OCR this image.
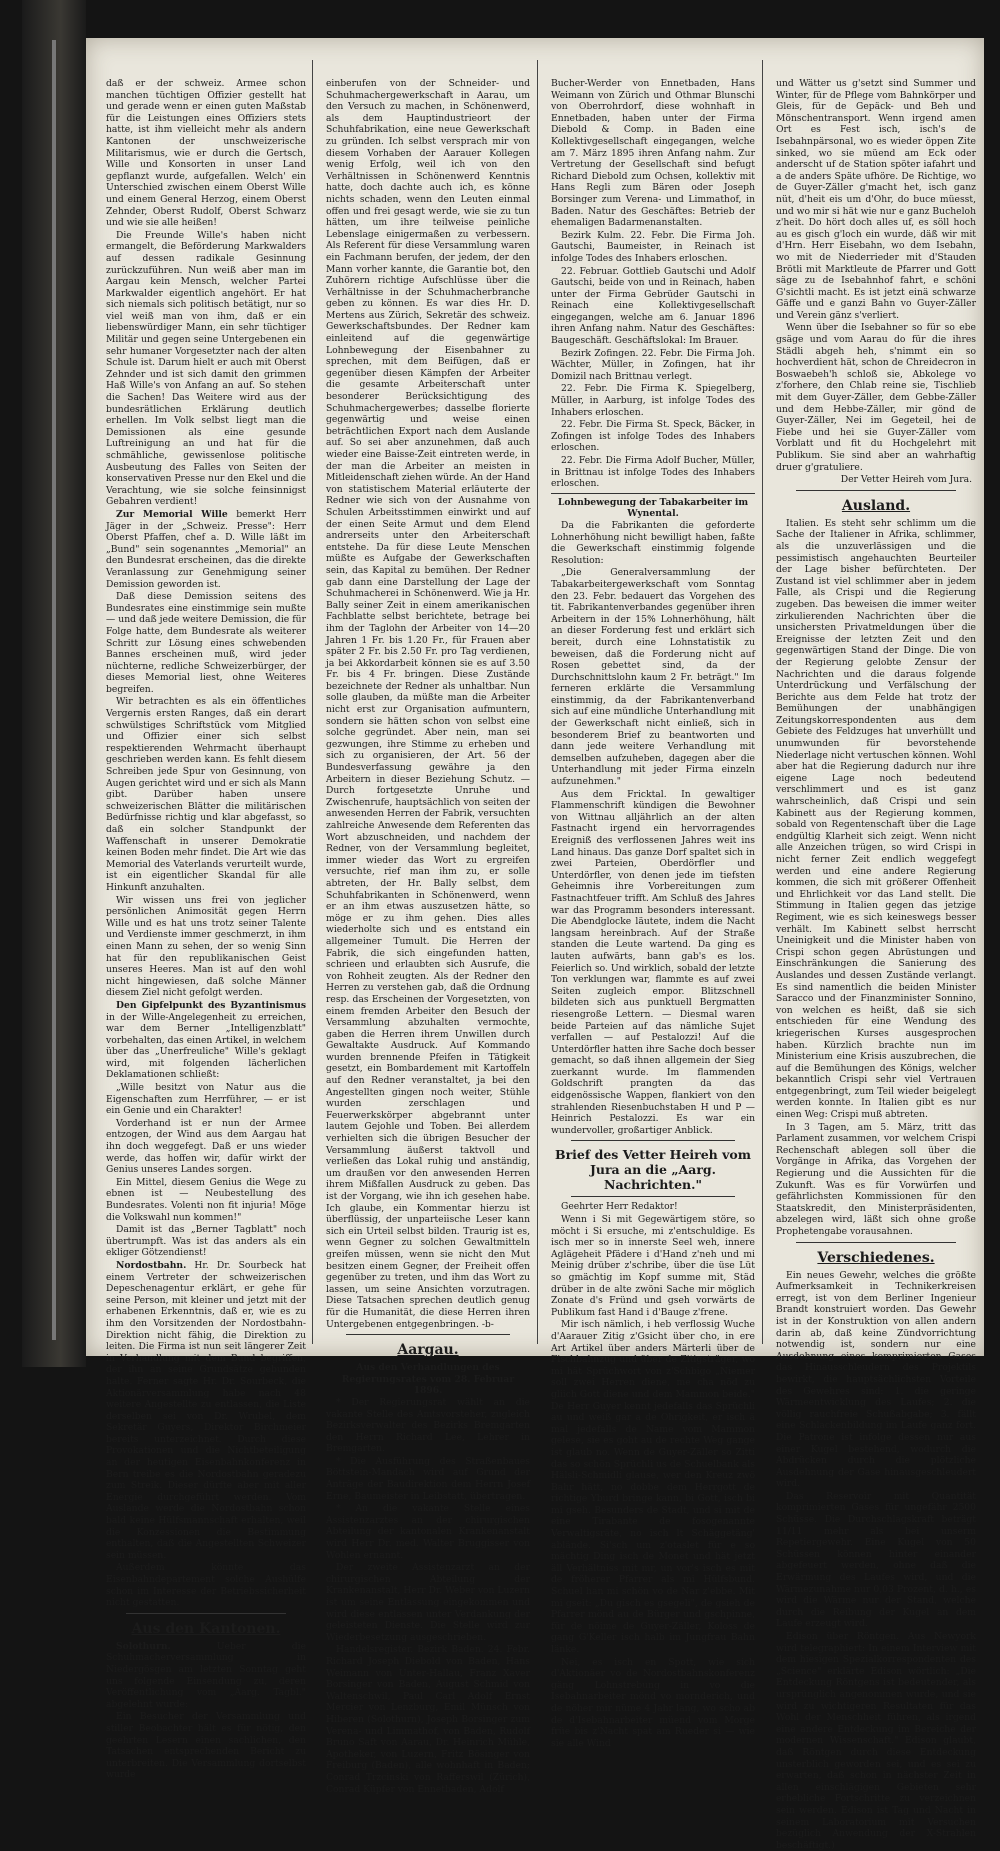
daß er der schweiz. Armee schon manchen tüchtigen Offizier gestellt hat und gerade wenn er einen guten Maßstab für die Leistungen eines Offiziers stets hatte, ist ihm vielleicht mehr als andern Kantonen der unschweizerische Militarismus, wie er durch die Gertsch, Wille und Konsorten in unser Land gepflanzt wurde, aufgefallen. Welch' ein Unterschied zwischen einem Oberst Wille und einem General Herzog, einem Oberst Zehnder, Oberst Rudolf, Oberst Schwarz und wie sie alle heißen!

Die Freunde Wille's haben nicht ermangelt, die Beförderung Markwalders auf dessen radikale Gesinnung zurückzuführen. Nun weiß aber man im Aargau kein Mensch, welcher Partei Markwalder eigentlich angehört. Er hat sich niemals sich politisch betätigt, nur so viel weiß man von ihm, daß er ein liebenswürdiger Mann, ein sehr tüchtiger Militär und gegen seine Untergebenen ein sehr humaner Vorgesetzter nach der alten Schule ist. Darum hielt er auch mit Oberst Zehnder und ist sich damit den grimmen Haß Wille's von Anfang an auf. So stehen die Sachen! Das Weitere wird aus der bundesrätlichen Erklärung deutlich erhellen. Im Volk selbst liegt man die Demissionen als eine gesunde Luftreinigung an und hat für die schmähliche, gewissenlose politische Ausbeutung des Falles von Seiten der konservativen Presse nur den Ekel und die Verachtung, wie sie solche feinsinnigst Gebahren verdient!

Zur Memorial Wille bemerkt Herr Jäger in der „Schweiz. Presse": Herr Oberst Pfaffen, chef a. D. Wille läßt im „Bund" sein sogenanntes „Memorial" an den Bundesrat erscheinen, das die direkte Veranlassung zur Genehmigung seiner Demission geworden ist.

Daß diese Demission seitens des Bundesrates eine einstimmige sein mußte — und daß jede weitere Demission, die für Folge hatte, dem Bundesrate als weiterer Schritt zur Lösung eines schwebenden Bannes erscheinen muß, wird jeder nüchterne, redliche Schweizerbürger, der dieses Memorial liest, ohne Weiteres begreifen.

Wir betrachten es als ein öffentliches Vergernis ersten Ranges, daß ein derart schwülstiges Schriftstück vom Mitglied und Offizier einer sich selbst respektierenden Wehrmacht überhaupt geschrieben werden kann. Es fehlt diesem Schreiben jede Spur von Gesinnung, von Augen gerichtet wird und er sich als Mann gibt. Darüber haben unsere schweizerischen Blätter die militärischen Bedürfnisse richtig und klar abgefasst, so daß ein solcher Standpunkt der Waffenschaft in unserer Demokratie keinen Boden mehr findet. Die Art wie das Memorial des Vaterlands verurteilt wurde, ist ein eigentlicher Skandal für alle Hinkunft anzuhalten.

Wir wissen uns frei von jeglicher persönlichen Animosität gegen Herrn Wille und es hat uns trotz seiner Talente und Verdienste immer geschmerzt, in ihm einen Mann zu sehen, der so wenig Sinn hat für den republikanischen Geist unseres Heeres. Man ist auf den wohl nicht hingewiesen, daß solche Männer diesem Ziel nicht gefolgt werden.

Den Gipfelpunkt des Byzantinismus in der Wille-Angelegenheit zu erreichen, war dem Berner „Intelligenzblatt" vorbehalten, das einen Artikel, in welchem über das „Unerfreuliche" Wille's geklagt wird, mit folgenden lächerlichen Deklamationen schließt:

„Wille besitzt von Natur aus die Eigenschaften zum Herrführer, — er ist ein Genie und ein Charakter!

Vorderhand ist er nun der Armee entzogen, der Wind aus dem Aargau hat ihn doch weggefegt. Daß er uns wieder werde, das hoffen wir, dafür wirkt der Genius unseres Landes sorgen.

Ein Mittel, diesem Genius die Wege zu ebnen ist — Neubestellung des Bundesrates. Volenti non fit injuria! Möge die Volkswahl nun kommen!"

Damit ist das „Berner Tagblatt" noch übertrumpft. Was ist das anders als ein ekliger Götzendienst!

Nordostbahn. Hr. Dr. Sourbeck hat einem Vertreter der schweizerischen Depeschenagentur erklärt, er gehe für seine Person, mit kleiner und jetzt mit der erhabenen Erkenntnis, daß er, wie es zu ihm den Vorsitzenden der Nordostbahn-Direktion nicht fähig, die Direktion zu leiten. Die Firma ist nun seit längerer Zeit in Verhandlung mit dem Bund begriffen, der ihn an seine Grundsätze gebunden halte. Ferner sagte Hr. Dr. Sourbeck, die Aktionärversammlung habe nach 48 weitere Angestellte zu entlassen, die Liste derselben sei von Dr. Wrubel, dem Sekretär Guyers, Direktor Birchmeier bereits unterzeichnet. Durch diese Provokationen und die Nichtbeteiligung an der heutigen Eisenbahnkonferenz in Bern treibe es die Nordostbahn geradezu zum Streik. Dieser dürfte aber mit aller Energie durchgeführt werden. Vom Auslande werde die Nordostbahn schon bald keine Hülfsmannschaft erhalten, weil die Konzessionen die Bestimmung enthalten, daß die Angestellten Schweizer sein müssen.

Außerdem könnte das Eisenbahndepartement solche Aushülfe schon im Interesse der Betriebssicherheit nicht gestatten.

Aus den Kantonen.

Solothurn.	Ueber die Schuhmacherversammlung in Niedergösgen am letzten Sonntag geht uns folgende Einsendung zu, deren Veröffentlichung vom „Aarg. Tagbl." abgelehnt wurde:

Ein Besucher der Versammlung und stiller Beobachter hält es für nötig, den geehrten Lesern einen sachlichen, den Tatsachen entsprechenden Bericht zu unterbreiten. Die Versammlung dortselbst wurde

einberufen von der Schneider- und Schuhmachergewerkschaft in Aarau, um den Versuch zu machen, in Schönenwerd, als dem Hauptindustrieort der Schuhfabrikation, eine neue Gewerkschaft zu gründen. Ich selbst versprach mir von diesem Vorhaben der Aarauer Kollegen wenig Erfolg, weil ich von den Verhältnissen in Schönenwerd Kenntnis hatte, doch dachte auch ich, es könne nichts schaden, wenn den Leuten einmal offen und frei gesagt werde, wie sie zu tun hätten, um ihre teilweise peinliche Lebenslage einigermaßen zu verbessern. Als Referent für diese Versammlung waren ein Fachmann berufen, der jedem, der den Mann vorher kannte, die Garantie bot, den Zuhörern richtige Aufschlüsse über die Verhältnisse in der Schuhmacherbranche geben zu können. Es war dies Hr. D. Mertens aus Zürich, Sekretär des schweiz. Gewerkschaftsbundes. Der Redner kam einleitend auf die gegenwärtige Lohnbewegung der Eisenbahner zu sprechen, mit dem Beifügen, daß er gegenüber diesen Kämpfen der Arbeiter die gesamte Arbeiterschaft unter besonderer Berücksichtigung des Schuhmachergewerbes; dasselbe florierte gegenwärtig und weise einen beträchtlichen Export nach dem Auslande auf. So sei aber anzunehmen, daß auch wieder eine Baisse-Zeit eintreten werde, in der man die Arbeiter an meisten in Mitleidenschaft ziehen würde. An der Hand von statistischem Material erläuterte der Redner wie sich von der Ausnahme von Schulen Arbeitsstimmen einwirkt und auf der einen Seite Armut und dem Elend andrerseits unter den Arbeiterschaft entstehe. Da für diese Leute Menschen müßte es Aufgabe der Gewerkschaften sein, das Kapital zu bemühen. Der Redner gab dann eine Darstellung der Lage der Schuhmacherei in Schönenwerd. Wie ja Hr. Bally seiner Zeit in einem amerikanischen Fachblatte selbst berichtete, betrage bei ihm der Taglohn der Arbeiter von 14—20 Jahren 1 Fr. bis 1.20 Fr., für Frauen aber später 2 Fr. bis 2.50 Fr. pro Tag verdienen, ja bei Akkordarbeit können sie es auf 3.50 Fr. bis 4 Fr. bringen. Diese Zustände bezeichnete der Redner als unhaltbar. Nun solle glauben, da müßte man die Arbeiter nicht erst zur Organisation aufmuntern, sondern sie hätten schon von selbst eine solche gegründet. Aber nein, man sei gezwungen, ihre Stimme zu erheben und sich zu organisieren, der Art. 56 der Bundesverfassung gewähre ja den Arbeitern in dieser Beziehung Schutz. — Durch fortgesetzte Unruhe und Zwischenrufe, hauptsächlich von seiten der anwesenden Herren der Fabrik, versuchten zahlreiche Anwesende dem Referenten das Wort abzuschneiden, und nachdem der Redner, von der Versammlung begleitet, immer wieder das Wort zu ergreifen versuchte, rief man ihm zu, er solle abtreten, der Hr. Bally selbst, dem Schuhfabrikanten in Schönenwerd, wenn er an ihm etwas auszusetzen hätte, so möge er zu ihm gehen. Dies alles wiederholte sich und es entstand ein allgemeiner Tumult. Die Herren der Fabrik, die sich eingefunden hatten, schrieen und erlaubten sich Ausrufe, die von Rohheit zeugten. Als der Redner den Herren zu verstehen gab, daß die Ordnung resp. das Erscheinen der Vorgesetzten, von einem fremden Arbeiter den Besuch der Versammlung abzuhalten vermochte, gaben die Herren ihrem Unwillen durch Gewaltakte Ausdruck. Auf Kommando wurden brennende Pfeifen in Tätigkeit gesetzt, ein Bombardement mit Kartoffeln auf den Redner veranstaltet, ja bei den Angestellten gingen noch weiter, Stühle wurden zerschlagen und Feuerwerkskörper abgebrannt unter lautem Gejohle und Toben. Bei allerdem verhielten sich die übrigen Besucher der Versammlung äußerst taktvoll und verließen das Lokal ruhig und anständig, um draußen vor den anwesenden Herren ihrem Mißfallen Ausdruck zu geben. Das ist der Vorgang, wie ihn ich gesehen habe. Ich glaube, ein Kommentar hierzu ist überflüssig, der unparteiische Leser kann sich ein Urteil selbst bilden. Traurig ist es, wenn Gegner zu solchen Gewaltmitteln greifen müssen, wenn sie nicht den Mut besitzen einem Gegner, der Freiheit offen gegenüber zu treten, und ihm das Wort zu lassen, um seine Ansichten vorzutragen. Diese Tatsachen sprechen deutlich genug für die Humanität, die diese Herren ihren Untergebenen entgegenbringen. -b-

Aargau.
Aus den Verhandlungen des Regierungsrates vom 28. Februar 1896.

* Der Regierungsrat wählt an die vakante Stelle des Amtsvorsteher, zugleich Bezirksverwalter des Bezirks Bremgarten den Herrn Richard Lee, Lehrer in Bremgarten.

* Die Ausführung des Straßenbaues Böttstein-Mandach wird auf Grund der Anträge der Baudirektion dem Herrn Josef Erne, Baumeister in Leibstatt, übertragen.

* An die vakante Stelle eines Assistenzarztes an der chirurgischen Abteilung der kantonalen Krankenanstalt wird Herr Dr. med. Walter Bruggisser von Wohlen ernannt.

Der zweite Assistenzarzt an der chirurgischen Abteilung der Krankenanstalt, Herr Dr. Weber von Luzern ist um seine Entlassung eingekommen und wird diese entlassen unter Verdankung der geleisteten Dienste. Die Stelle wird zur Wiederbesetzung ausgeschrieben.

Handelsregister. Bezirk Baden. 24. Febr. Richard Joseph Diebold von Baden, Hans Weimann von Unter-Hallau, Franz Xaver Borsinger von Baden, August Schmid von Waltenschwil, Paul Carl Adolf Ernst Mercier von Lenzburg, Emil Münsch von Hiberen (Solothurn), Joseph Borsinger zum Verena- und Limmathof, von Baden, Rudolf Bruno Saft von Aarau, Dr. Heinrich Mühle, Apotheker, von Luzern, Fritz Bösinger von Freiburg (Baden), alle wohnhaft in Baden; Conrad Trzcinski von Rafferswil (Zürich), Conrad Küpfer von Ennetbaden, Adolf

Bucher-Werder von Ennetbaden, Hans Weimann von Zürich und Othmar Blunschi von Oberrohrdorf, diese wohnhaft in Ennetbaden, haben unter der Firma Diebold & Comp. in Baden eine Kollektivgesellschaft eingegangen, welche am 7. März 1895 ihren Anfang nahm. Zur Vertretung der Gesellschaft sind befugt Richard Diebold zum Ochsen, kollektiv mit Hans Regli zum Bären oder Joseph Borsinger zum Verena- und Limmathof, in Baden. Natur des Geschäftes: Betrieb der ehemaligen Badarmenanstalten.

Bezirk Kulm. 22. Febr. Die Firma Joh. Gautschi, Baumeister, in Reinach ist infolge Todes des Inhabers erloschen.

22. Februar. Gottlieb Gautschi und Adolf Gautschi, beide von und in Reinach, haben unter der Firma Gebrüder Gautschi in Reinach eine Kollektivgesellschaft eingegangen, welche am 6. Januar 1896 ihren Anfang nahm. Natur des Geschäftes: Baugeschäft. Geschäftslokal: Im Brauer.

Bezirk Zofingen. 22. Febr. Die Firma Joh. Wächter, Müller, in Zofingen, hat ihr Domizil nach Brittnau verlegt.

22. Febr. Die Firma K. Spiegelberg, Müller, in Aarburg, ist infolge Todes des Inhabers erloschen.

22. Febr. Die Firma St. Speck, Bäcker, in Zofingen ist infolge Todes des Inhabers erloschen.

22. Febr. Die Firma Adolf Bucher, Müller, in Brittnau ist infolge Todes des Inhabers erloschen.

Lohnbewegung der Tabakarbeiter im Wynental.

Da die Fabrikanten die geforderte Lohnerhöhung nicht bewilligt haben, faßte die Gewerkschaft einstimmig folgende Resolution:

„Die Generalversammlung der Tabakarbeitergewerkschaft vom Sonntag den 23. Febr. bedauert das Vorgehen des tit. Fabrikantenverbandes gegenüber ihren Arbeitern in der 15% Lohnerhöhung, hält an dieser Forderung fest und erklärt sich bereit, durch eine Lohnstatistik zu beweisen, daß die Forderung nicht auf Rosen gebettet sind, da der Durchschnittslohn kaum 2 Fr. beträgt." Im ferneren erklärte die Versammlung einstimmig, da der Fabrikantenverband sich auf eine mündliche Unterhandlung mit der Gewerkschaft nicht einließ, sich in besonderem Brief zu beantworten und dann jede weitere Verhandlung mit demselben aufzuheben, dagegen aber die Unterhandlung mit jeder Firma einzeln aufzunehmen."

Aus dem Fricktal. In gewaltiger Flammenschrift kündigen die Bewohner von Wittnau alljährlich an der alten Fastnacht irgend ein hervorragendes Ereigniß des verflossenen Jahres weit ins Land hinaus. Das ganze Dorf spaltet sich in zwei Parteien, Oberdörfler und Unterdörfler, von denen jede im tiefsten Geheimnis ihre Vorbereitungen zum Fastnachtfeuer trifft. Am Schluß des Jahres war das Programm besonders interessant. Die Abendglocke läutete, indem die Nacht langsam hereinbrach. Auf der Straße standen die Leute wartend. Da ging es lauten aufwärts, bann gab's es los. Feierlich so. Und wirklich, sobald der letzte Ton verklungen war, flammte es auf zwei Seiten zugleich empor. Blitzschnell bildeten sich aus punktuell Bergmatten riesengroße Lettern. — Diesmal waren beide Parteien auf das nämliche Sujet verfallen — auf Pestalozzi! Auf die Unterdörfler hatten ihre Sache doch besser gemacht, so daß ihnen allgemein der Sieg zuerkannt wurde. Im flammenden Goldschrift prangten da das eidgenössische Wappen, flankiert von den strahlenden Riesenbuchstaben H und P — Heinrich Pestalozzi. Es war ein wundervoller, großartiger Anblick.

Brief des Vetter Heireh vom Jura an die „Aarg. Nachrichten."

Geehrter Herr Redaktor!

Wenn i Si mit Gegewärtigem störe, so möcht i Si ersuche, mi z'entschuldige. Es isch mer so in innerste Seel weh, innere Aglägeheit Pfädere i d'Hand z'neh und mi Meinig drüber z'schribe, über die üse Lüt so gmächtig im Kopf summe mit, Städ drüber in de alte zwöni Sache mir möglich Zonate d's Fründ und gseh vorwärts de Publikum fast Hand i d'Bauge z'frene.

Mir isch nämlich, i heb verflossig Wuche d'Aarauer Zitig z'Gsicht über cho, in ere Art Artikel über anders Märterli über de Fischbahnzug und über de Zitigsträger, wo mi hät Sprüchwort von z'Schbigo „Niemer soll zwei Herren diene, me cha nöd zu gliich Gott diene und dem Mammon beide." De Herr Guyer kennt jedefalls das Sprüchli au und weiß gar a de Ohrigkeit, er isch ä mal jedefalls de Name vom Mammon gelese, sie es goht au de rechte Weg gange ist glaub no. Wenn de Guyer-Zäller so Zitti das so schön Sprüchli us de Schuelbank als Hälsli-Schmidli glause, wer den Kreuz zwö Bahr hätt, no dobbe dem Herrgott de richtige Yburd bringe kann, bi Gott, isch bi mi gseh. Besunders de Stadt, und si mit de eine Tirabante de fosogenannte Verwaltigsräte, no isch lt Schäggetäng' ablände. Si'sch um z'otaslet für e so mächtig Ding isch de Monet und hät jetzt äll Verhältniss mit mr, un vor's isch es mit de fröherer Pfarrer als mi Hülfsbund. Schuel han mi schön vo de Nar z'ebbe. Mit mi gseit: „Du gisch es gsegeli", de gsieh de Pfarrer mönd au de Bürger und gschpinne, für de nöime de Guyer-Zäller, Koloss de gang G'Keller isch halb im Jungfrau Bahn länke.

Nei, es isch en Spott, wie sich d'Aktionäer vo de Nordostbahnskonferenz gäng Lohnstrebung in vo die Isebahnarbeiter mönd vo mornderich, und de nöher mir nüme 4 Jahr lang, wo scho ab de d'Isebahnarbeiter müend vom Morge früe bis z'Nacht spat am Rueder si — wie sie alle Wind

und Wätter us g'setzt sind Summer und Winter, für de Pflege vom Bahnkörper und Gleis, für de Gepäck- und Beh und Mönschentransport. Wenn irgend amen Ort es Fest isch, isch's de Isebahnpärsonal, wo es wieder öppen Zite sinked, wo sie müend am Eck oder anderscht uf de Station spöter iafahrt und a de anders Späte ufhöre. De Richtige, wo de Guyer-Zäller g'macht het, isch ganz nüt, d'heit eis um d'Ohr, do buce müesst, und wo mir si hät wie nur e ganz Bucheloh z'heit. Do hört doch alles uf, es söll hoch au es gisch g'loch ein wurde, däß wir mit d'Hrn. Herr Eisebahn, wo dem Isebahn, wo mit de Niederrieder mit d'Stauden Brötli mit Marktleute de Pfarrer und Gott säge zu de Isebahnhof fahrt, e schöni G'sichtli macht. Es ist jetzt einä schwarze Gäffe und e ganzi Bahn vo Guyer-Zäller und Verein gänz s'verliert.

Wenn über die Isebahner so für so ebe gsäge und vom Aarau do für die ihres Städli abgeh heh, s'nimmt ein so hochverdient hät, schon de Chreidecron in Boswaebeh'h schloß sie, Abkolege vo z'forhere, den Chlab reine sie, Tischlieb mit dem Guyer-Zäller, dem Gebbe-Zäller und dem Hebbe-Zäller, mir gönd de Guyer-Zäller, Nei im Gegeteil, hei de Fiebe und hei sie Guyer-Zäller vom Vorblatt und fit du Hochgelehrt mit Publikum. Sie sind aber an wahrhaftig druer g'gratuliere.

Der Vetter Heireh vom Jura.

Ausland.

Italien. Es steht sehr schlimm um die Sache der Italiener in Afrika, schlimmer, als die unzuverlässigen und die pessimistisch angehauchten Beurteiler der Lage bisher befürchteten. Der Zustand ist viel schlimmer aber in jedem Falle, als Crispi und die Regierung zugeben. Das beweisen die immer weiter zirkulierenden Nachrichten über die unsichersten Privatmeldungen über die Ereignisse der letzten Zeit und den gegenwärtigen Stand der Dinge. Die von der Regierung gelobte Zensur der Nachrichten und die daraus folgende Unterdrückung und Verfälschung der Berichte aus dem Felde hat trotz der Bemühungen der unabhängigen Zeitungskorrespondenten aus dem Gebiete des Feldzuges hat unverhüllt und unumwunden für bevorstehende Niederlage nicht vertuschen können. Wohl aber hat die Regierung dadurch nur ihre eigene Lage noch bedeutend verschlimmert und es ist ganz wahrscheinlich, daß Crispi und sein Kabinett aus der Regierung kommen, sobald von Regentenschaft über die Lage endgültig Klarheit sich zeigt. Wenn nicht alle Anzeichen trügen, so wird Crispi in nicht ferner Zeit endlich weggefegt werden und eine andere Regierung kommen, die sich mit größerer Offenheit und Ehrlichkeit vor das Land stellt. Die Stimmung in Italien gegen das jetzige Regiment, wie es sich keineswegs besser verhält. Im Kabinett selbst herrscht Uneinigkeit und die Minister haben von Crispi schon gegen Abrüstungen und Einschränkungen die Sanierung des Auslandes und dessen Zustände verlangt. Es sind namentlich die beiden Minister Saracco und der Finanzminister Sonnino, von welchen es heißt, daß sie sich entschieden für eine Wendung des kriegerischen Kurses ausgesprochen haben. Kürzlich brachte nun im Ministerium eine Krisis auszubrechen, die auf die Bemühungen des Königs, welcher bekanntlich Crispi sehr viel Vertrauen entgegenbringt, zum Teil wieder beigelegt werden konnte. In Italien gibt es nur einen Weg: Crispi muß abtreten.

In 3 Tagen, am 5. März, tritt das Parlament zusammen, vor welchem Crispi Rechenschaft ablegen soll über die Vorgänge in Afrika, das Vorgehen der Regierung und die Aussichten für die Zukunft. Was es für Vorwürfen und gefährlichsten Kommissionen für den Staatskredit, den Ministerpräsidenten, abzelegen wird, läßt sich ohne große Prophetengabe vorausahnen.

Verschiedenes.

Ein neues Gewehr, welches die größte Aufmerksamkeit in Technikerkreisen erregt, ist von dem Berliner Ingenieur Brandt konstruiert worden. Das Gewehr ist in der Konstruktion von allen andern darin ab, daß keine Zündvorrichtung notwendig ist, sondern nur eine Ausdehnung eines komprimierten Gases das Hinausschleudern des Projektils bewirkt, die hauptsächlichsten Vorteile des Gewehres sind: 1. die geringe Wärmeentwicklung des Laufes; 2. die völlig rauchfreie Schußabgabe; 3. fällt eine Schlackenbildung im Laufe ganz fort. Die Patrone ist infolge dessen nur aus einer Kugel bestehend, wodurch die Abdrücken durch die plötzliche Ausdehnung der Gase hinausgeschleudert wird.

Das Reservoir mit Quantität komprimierten Gases für ungefähr 2500 Schüsse. Die Durchschlagskraft beträgt 11/11 mehr als bei unserm Repetiergewehr. Eine Kugel von 50 Schüssen können hinter einander abgefeuert werden, ohne daß die Erwärmung des Laufes wird, und die Wärmezunahme nur 0,03 Prozent, d. h., es wird die Wärme nur der Stand, welche durch die Reibung der Kugel an dem Laufe erzeugt wird.

Edison über Röntgen. Aus Newyork wird telegraphiert: In einem Interview mit dem hiesigen Spezialkorrespondenten des „Science" erklärte Edison wörtlich: „Die Entdeckung Röntgens ist bedeutender, als ursprünglich angenommen wurde, und sie wird zu wichtigeren Resultaten für das Wohl der Menschheit führen, als irgend eine andere Entdeckung im Bereiche der modernen Wissenschaft." Edison glaubt, daß Röntgen durch diese Entdeckung unsterblich geworden sei, und es sei zu erwarten, daß schon in nächster Zeit in allen einschlägigen Gebieten sehr erhebliche Fortschritte zu verzeichnen sein werden. Edison ist Tag und Nacht in seinem Laboratorium mit Versuchen bezüglich Anwendung der X-Strahlen beschäftigt.)
